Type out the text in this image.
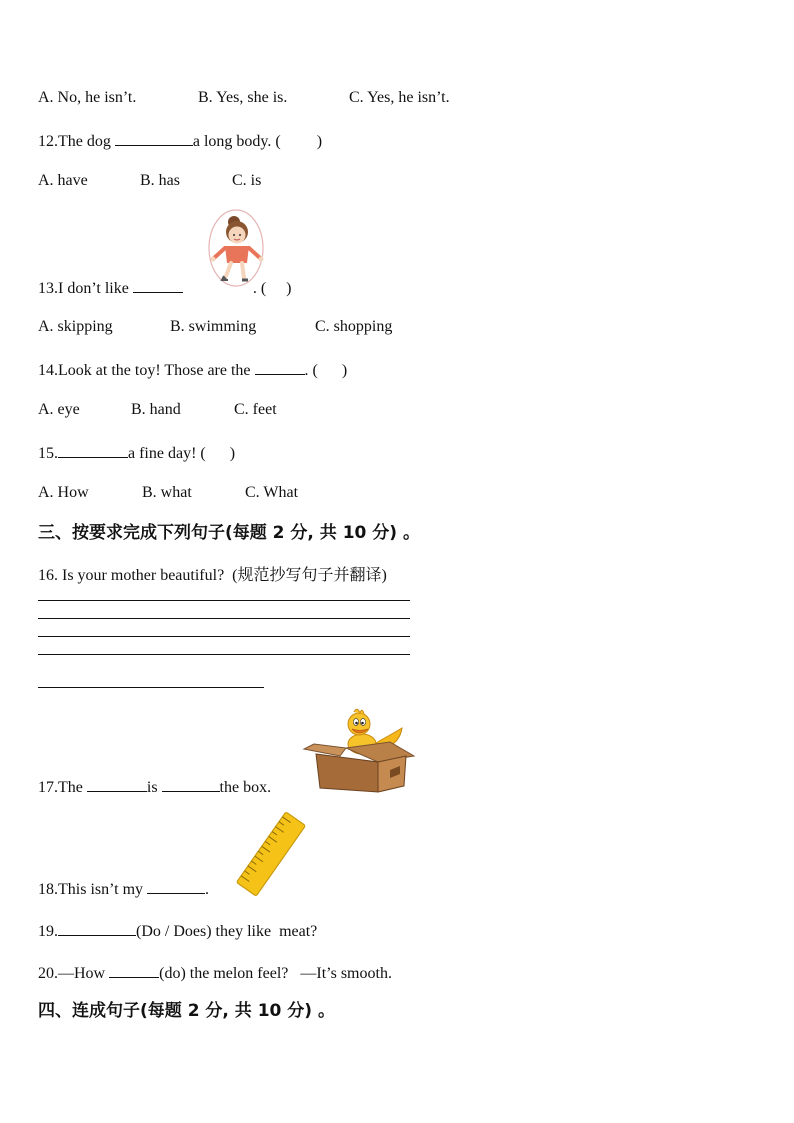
A. No, he isn’t.	B. Yes, she is.	C. Yes, he isn’t.
12.The dog	a long body. (         )
A. have	B. has	C. is
13.I don’t like	. (     )
A. skipping	B. swimming	C. shopping
14.Look at the toy! Those are the	. (      )
A. eye	B. hand	C. feet
15.	a fine day! (      )
A. How	B. what	C. What
三、按要求完成下列句子(每题 2 分, 共 10 分) 。
16. Is your mother beautiful?  (规范抄写句子并翻译)
17.The	is	the box.
18.This isn’t my	.
19.	(Do / Does) they like  meat?
20.—How	(do) the melon feel?   —It’s smooth.
四、连成句子(每题 2 分, 共 10 分) 。
